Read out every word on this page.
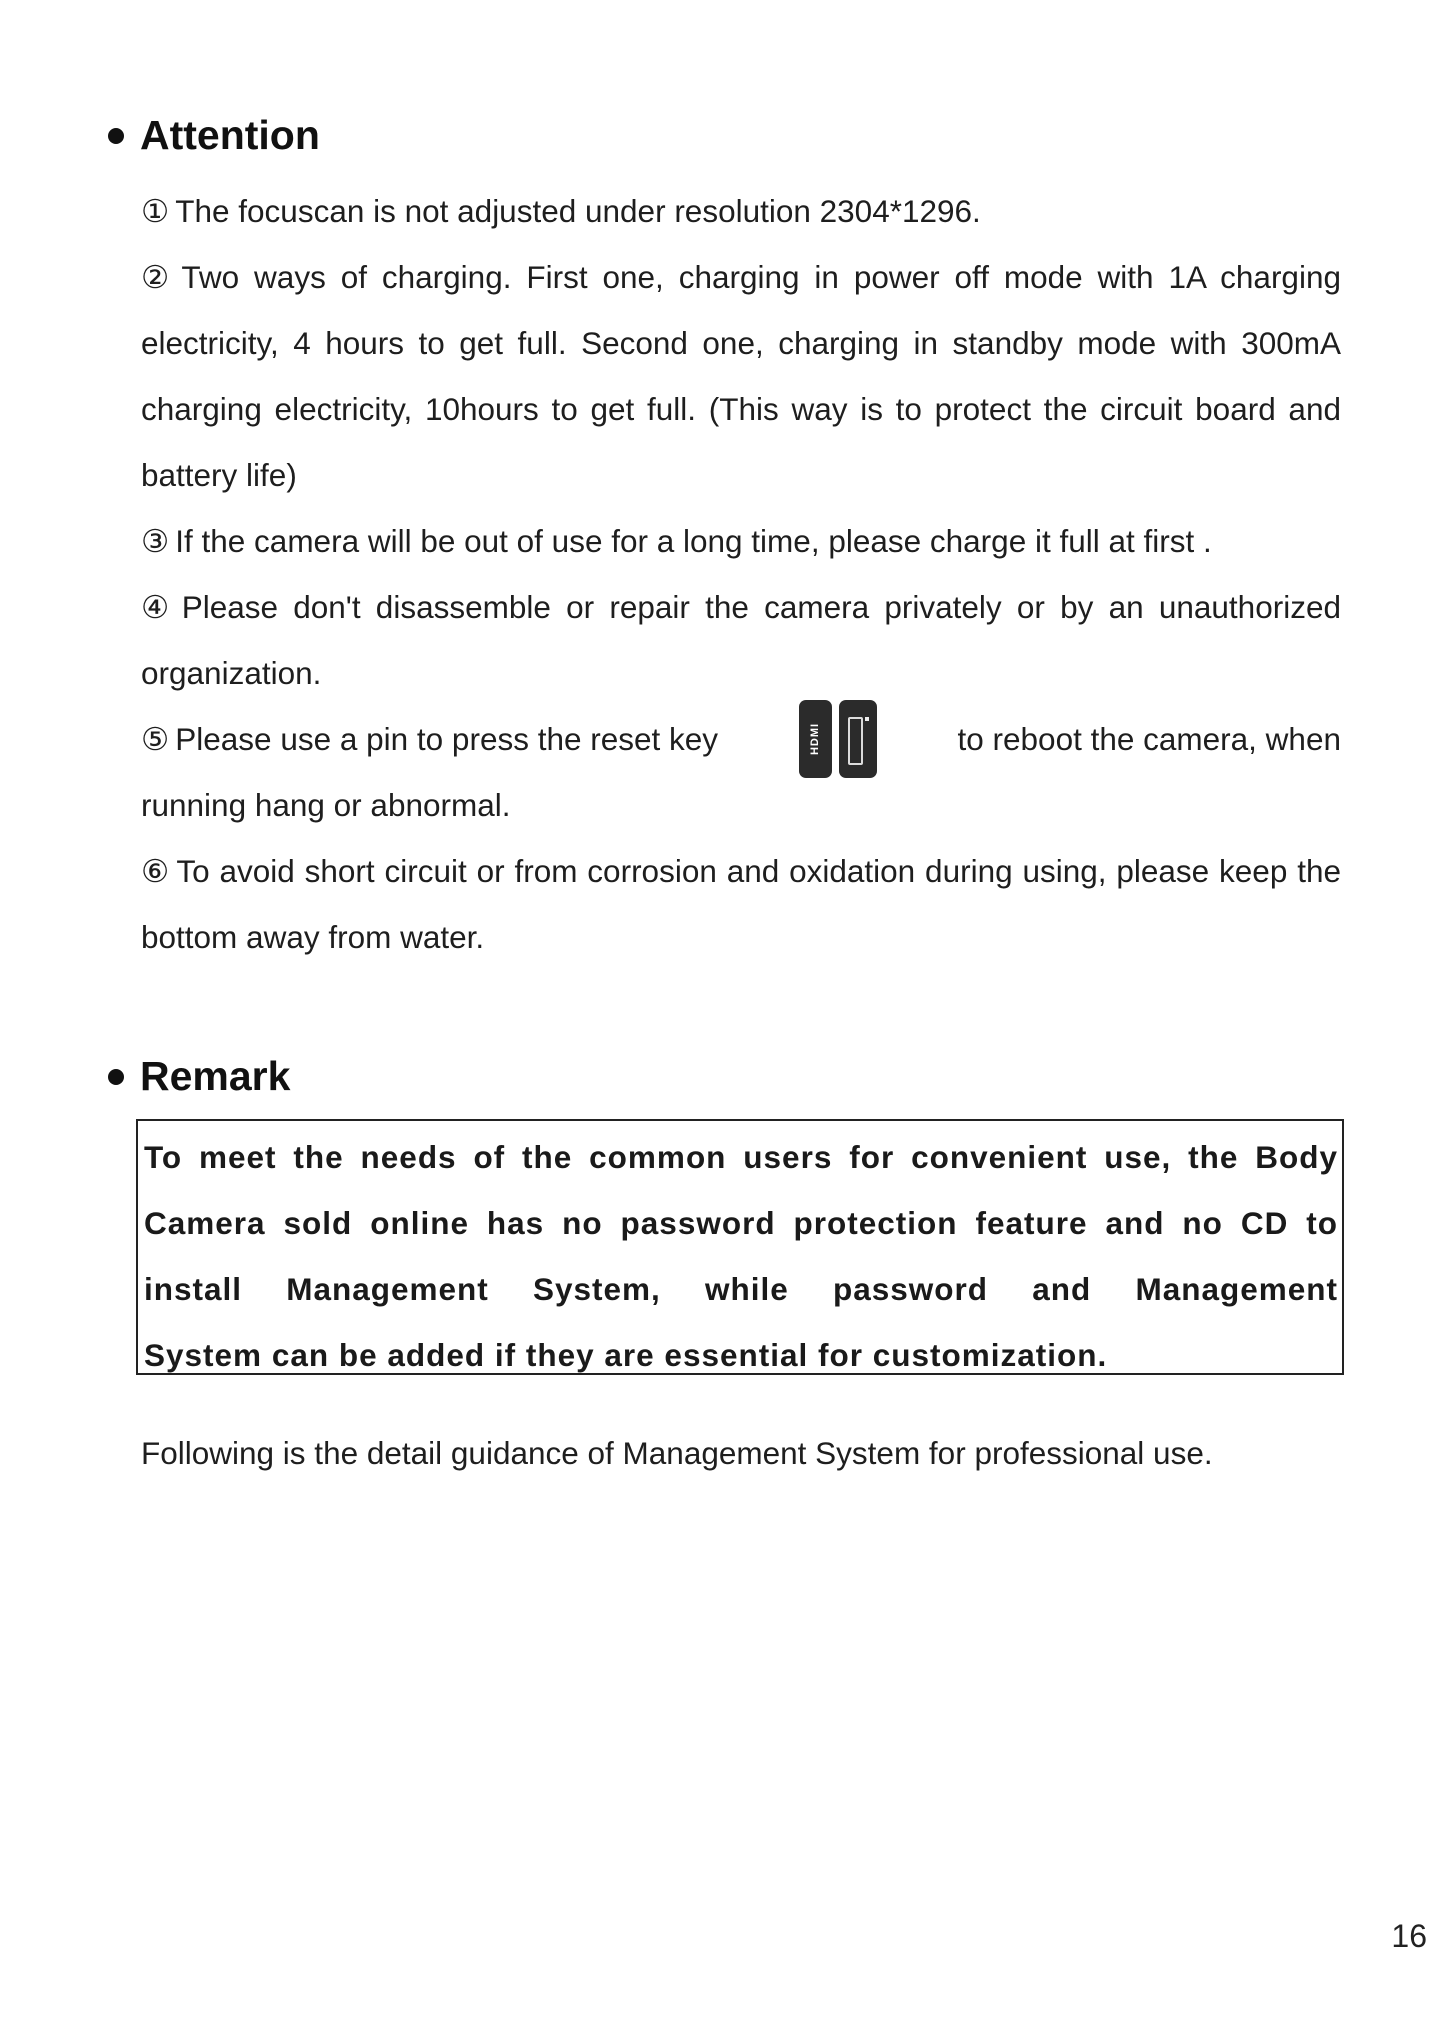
Attention

① The focuscan is not adjusted under resolution 2304*1296.

② Two ways of charging. First one, charging in power off mode with 1A charging electricity, 4 hours to get full. Second one, charging in standby mode with 300mA charging electricity, 10hours to get full. (This way is to protect the circuit board and battery life)

③ If the camera will be out of use for a long time, please charge it full at first .

④ Please don't disassemble or repair the camera privately or by an unauthorized organization.

⑤ Please use a pin to press the reset key	HDMI	to reboot the camera, when
running hang or abnormal.

⑥ To avoid short circuit or from corrosion and oxidation during using, please keep the bottom away from water.

Remark
To meet the needs of the common users for convenient use, the Body
Camera sold online has no password protection feature and no CD to
install Management System, while password and Management
System can be added if they are essential for customization.
Following is the detail guidance of Management System for professional use.
16
